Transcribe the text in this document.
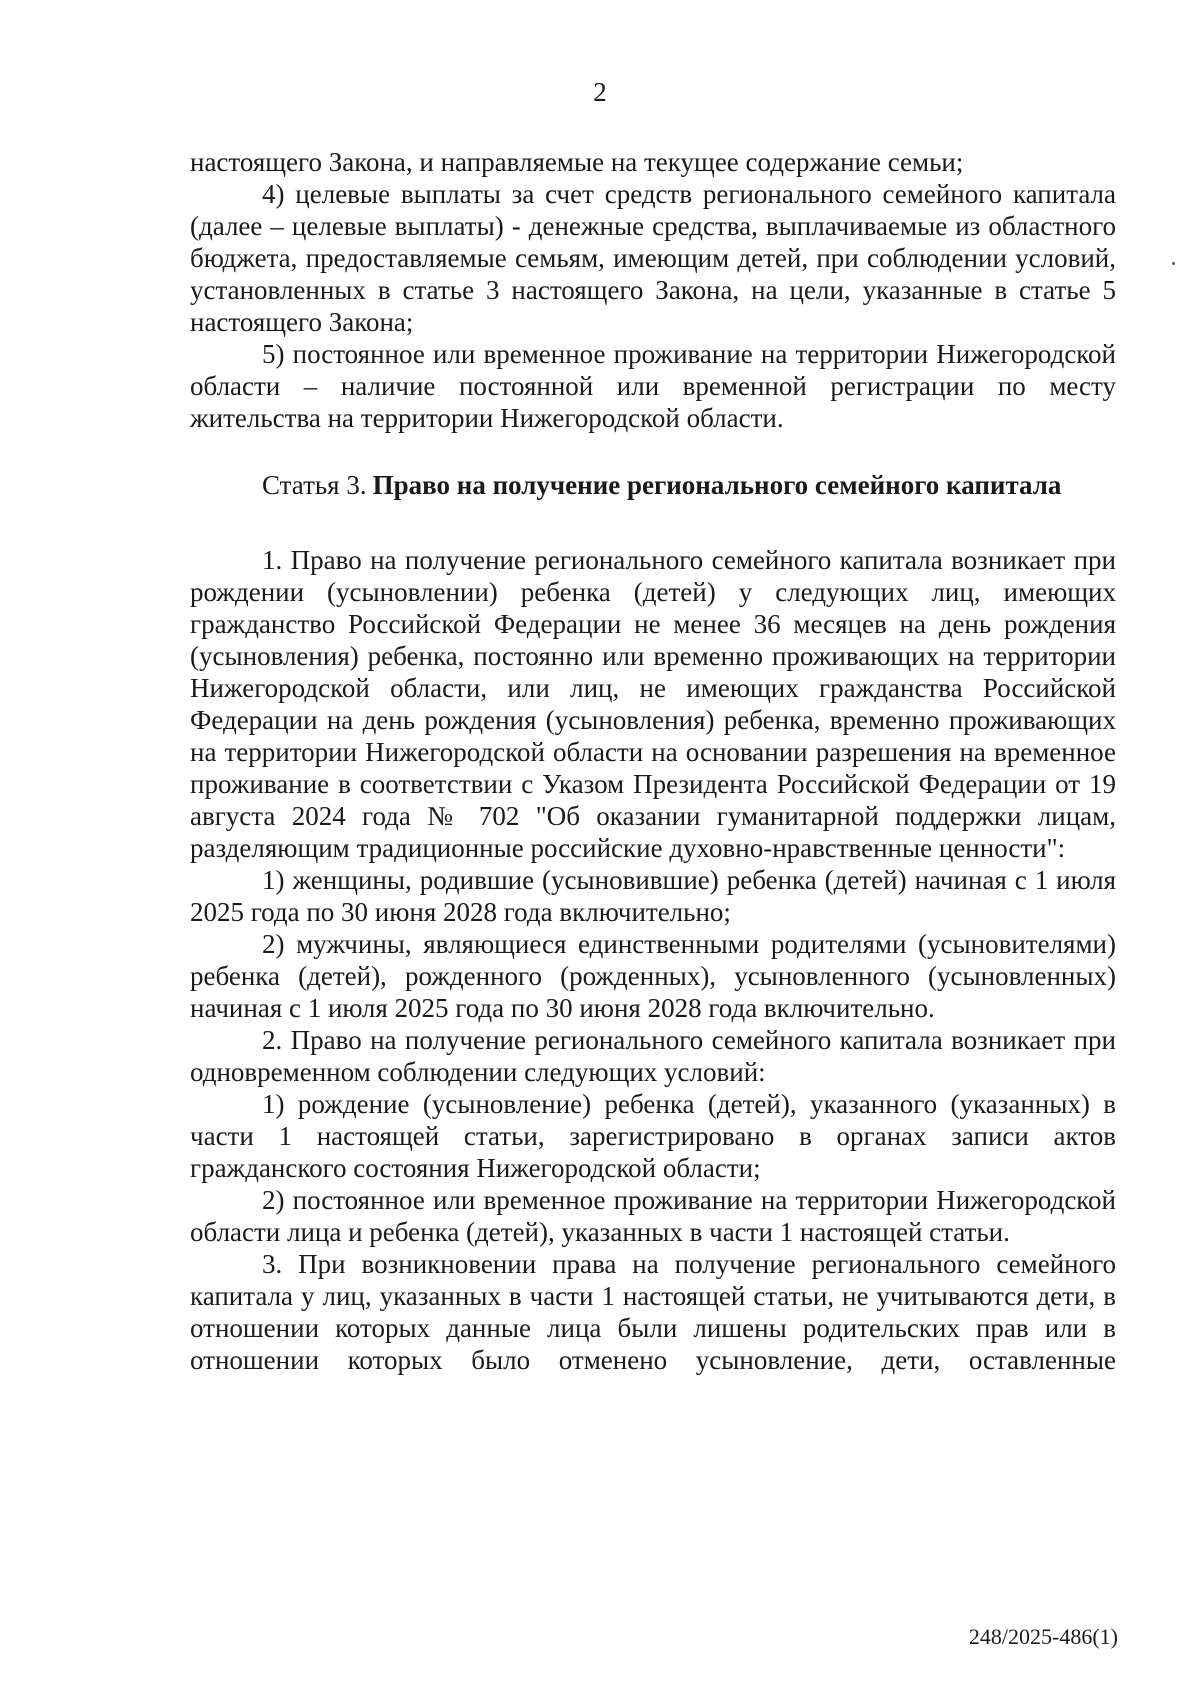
2

настоящего Закона, и направляемые на текущее содержание семьи;

4) целевые выплаты за счет средств регионального семейного капитала (далее – целевые выплаты) - денежные средства, выплачиваемые из областного бюджета, предоставляемые семьям, имеющим детей, при соблюдении условий, установленных в статье 3 настоящего Закона, на цели, указанные в статье 5 настоящего Закона;

5) постоянное или временное проживание на территории Нижегородской области – наличие постоянной или временной регистрации по месту жительства на территории Нижегородской области.

Статья 3. Право на получение регионального семейного капитала

1. Право на получение регионального семейного капитала возникает при рождении (усыновлении) ребенка (детей) у следующих лиц, имеющих гражданство Российской Федерации не менее 36 месяцев на день рождения (усыновления) ребенка, постоянно или временно проживающих на территории Нижегородской области, или лиц, не имеющих гражданства Российской Федерации на день рождения (усыновления) ребенка, временно проживающих на территории Нижегородской области на основании разрешения на временное проживание в соответствии с Указом Президента Российской Федерации от 19 августа 2024 года № 702 "Об оказании гуманитарной поддержки лицам, разделяющим традиционные российские духовно-нравственные ценности":

1) женщины, родившие (усыновившие) ребенка (детей) начиная с 1 июля 2025 года по 30 июня 2028 года включительно;

2) мужчины, являющиеся единственными родителями (усыновителями) ребенка (детей), рожденного (рожденных), усыновленного (усыновленных) начиная с 1 июля 2025 года по 30 июня 2028 года включительно.

2. Право на получение регионального семейного капитала возникает при одновременном соблюдении следующих условий:

1) рождение (усыновление) ребенка (детей), указанного (указанных) в части 1 настоящей статьи, зарегистрировано в органах записи актов гражданского состояния Нижегородской области;

2) постоянное или временное проживание на территории Нижегородской области лица и ребенка (детей), указанных в части 1 настоящей статьи.

3. При возникновении права на получение регионального семейного капитала у лиц, указанных в части 1 настоящей статьи, не учитываются дети, в отношении которых данные лица были лишены родительских прав или в отношении которых было отменено усыновление, дети, оставленные

248/2025-486(1)
